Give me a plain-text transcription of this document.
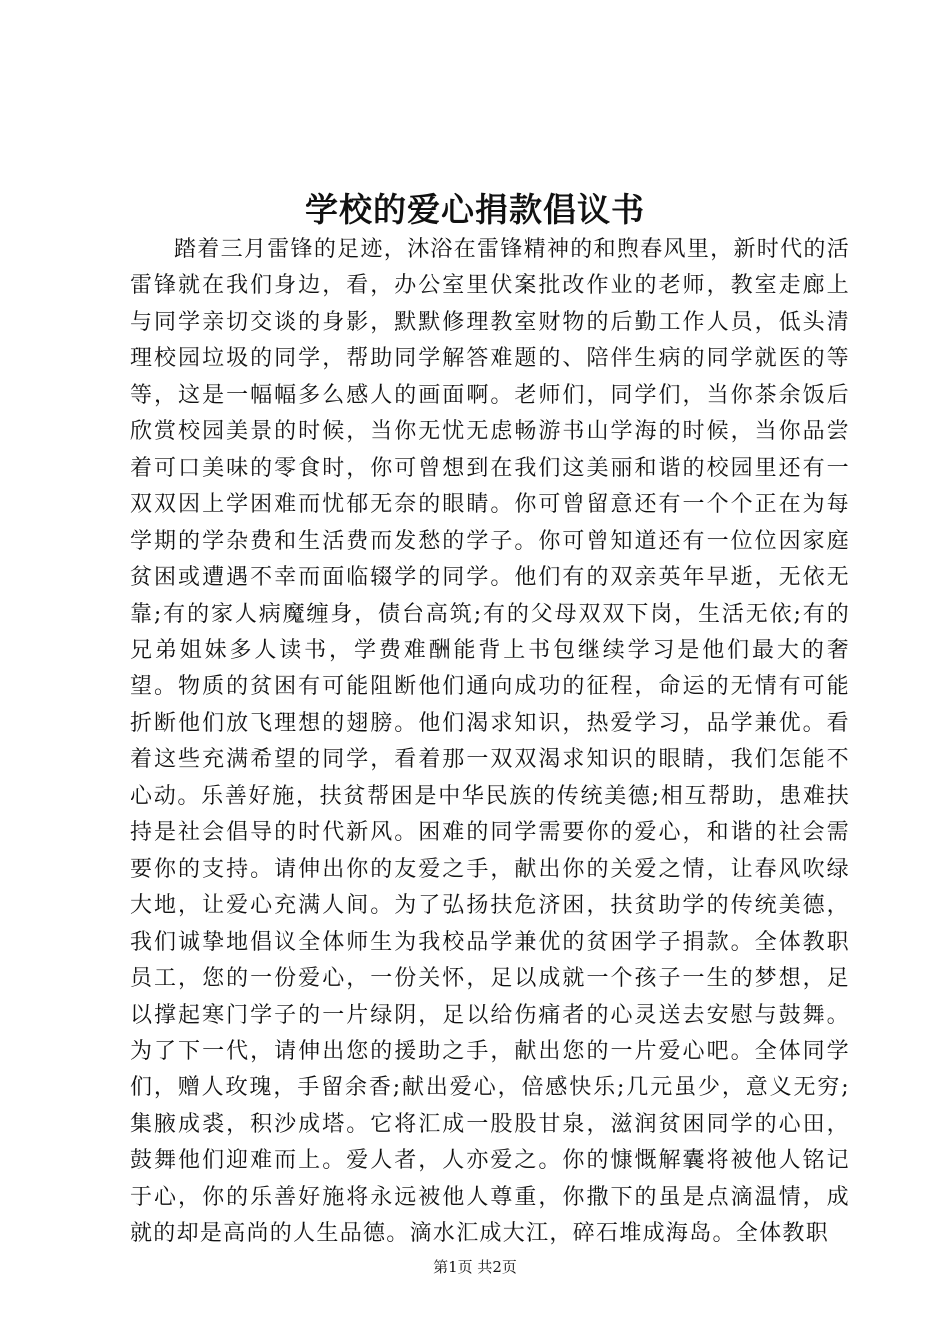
学校的爱心捐款倡议书

踏着三月雷锋的足迹，沐浴在雷锋精神的和煦春风里，新时代的活雷锋就在我们身边，看，办公室里伏案批改作业的老师，教室走廊上与同学亲切交谈的身影，默默修理教室财物的后勤工作人员，低头清理校园垃圾的同学，帮助同学解答难题的、陪伴生病的同学就医的等等，这是一幅幅多么感人的画面啊。老师们，同学们，当你茶余饭后欣赏校园美景的时候，当你无忧无虑畅游书山学海的时候，当你品尝着可口美味的零食时，你可曾想到在我们这美丽和谐的校园里还有一双双因上学困难而忧郁无奈的眼睛。你可曾留意还有一个个正在为每学期的学杂费和生活费而发愁的学子。你可曾知道还有一位位因家庭贫困或遭遇不幸而面临辍学的同学。他们有的双亲英年早逝，无依无靠;有的家人病魔缠身，债台高筑;有的父母双双下岗，生活无依;有的兄弟姐妹多人读书，学费难酬能背上书包继续学习是他们最大的奢望。物质的贫困有可能阻断他们通向成功的征程，命运的无情有可能折断他们放飞理想的翅膀。他们渴求知识，热爱学习，品学兼优。看着这些充满希望的同学，看着那一双双渴求知识的眼睛，我们怎能不心动。乐善好施，扶贫帮困是中华民族的传统美德;相互帮助，患难扶持是社会倡导的时代新风。困难的同学需要你的爱心，和谐的社会需要你的支持。请伸出你的友爱之手，献出你的关爱之情，让春风吹绿大地，让爱心充满人间。为了弘扬扶危济困，扶贫助学的传统美德，我们诚挚地倡议全体师生为我校品学兼优的贫困学子捐款。全体教职员工，您的一份爱心，一份关怀，足以成就一个孩子一生的梦想，足以撑起寒门学子的一片绿阴，足以给伤痛者的心灵送去安慰与鼓舞。为了下一代，请伸出您的援助之手，献出您的一片爱心吧。全体同学们，赠人玫瑰，手留余香;献出爱心，倍感快乐;几元虽少，意义无穷;集腋成裘，积沙成塔。它将汇成一股股甘泉，滋润贫困同学的心田，鼓舞他们迎难而上。爱人者，人亦爱之。你的慷慨解囊将被他人铭记于心，你的乐善好施将永远被他人尊重，你撒下的虽是点滴温情，成就的却是高尚的人生品德。滴水汇成大江，碎石堆成海岛。全体教职

第1页 共2页
